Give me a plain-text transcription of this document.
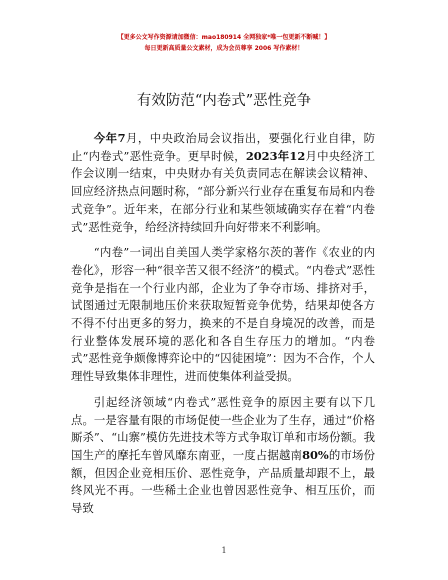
【更多公文写作资源请加微信：mao180914 全网独家*唯一包更新不断喊！】
每日更新高质量公文素材，成为会员尊享 2006 写作素材！
有效防范“内卷式”恶性竞争

今年7月，中央政治局会议指出，要强化行业自律，防止“内卷式”恶性竞争。更早时候，2023年12月中央经济工作会议刚一结束，中央财办有关负责同志在解读会议精神、回应经济热点问题时称，“部分新兴行业存在重复布局和内卷式竞争”。近年来，在部分行业和某些领域确实存在着“内卷式”恶性竞争，给经济持续回升向好带来不利影响。

“内卷”一词出自美国人类学家格尔茨的著作《农业的内卷化》，形容一种“很辛苦又很不经济”的模式。“内卷式”恶性竞争是指在一个行业内部，企业为了争夺市场、排挤对手，试图通过无限制地压价来获取短暂竞争优势，结果却使各方不得不付出更多的努力，换来的不是自身境况的改善，而是行业整体发展环境的恶化和各自生存压力的增加。“内卷式”恶性竞争颇像博弈论中的“囚徒困境”：因为不合作，个人理性导致集体非理性，进而使集体利益受损。

引起经济领域“内卷式”恶性竞争的原因主要有以下几点。一是容量有限的市场促使一些企业为了生存，通过“价格厮杀”、“山寨”模仿先进技术等方式争取订单和市场份额。我国生产的摩托车曾风靡东南亚，一度占据越南80%的市场份额，但因企业竞相压价、恶性竞争，产品质量却跟不上，最终风光不再。一些稀土企业也曾因恶性竞争、相互压价，而导致

1
